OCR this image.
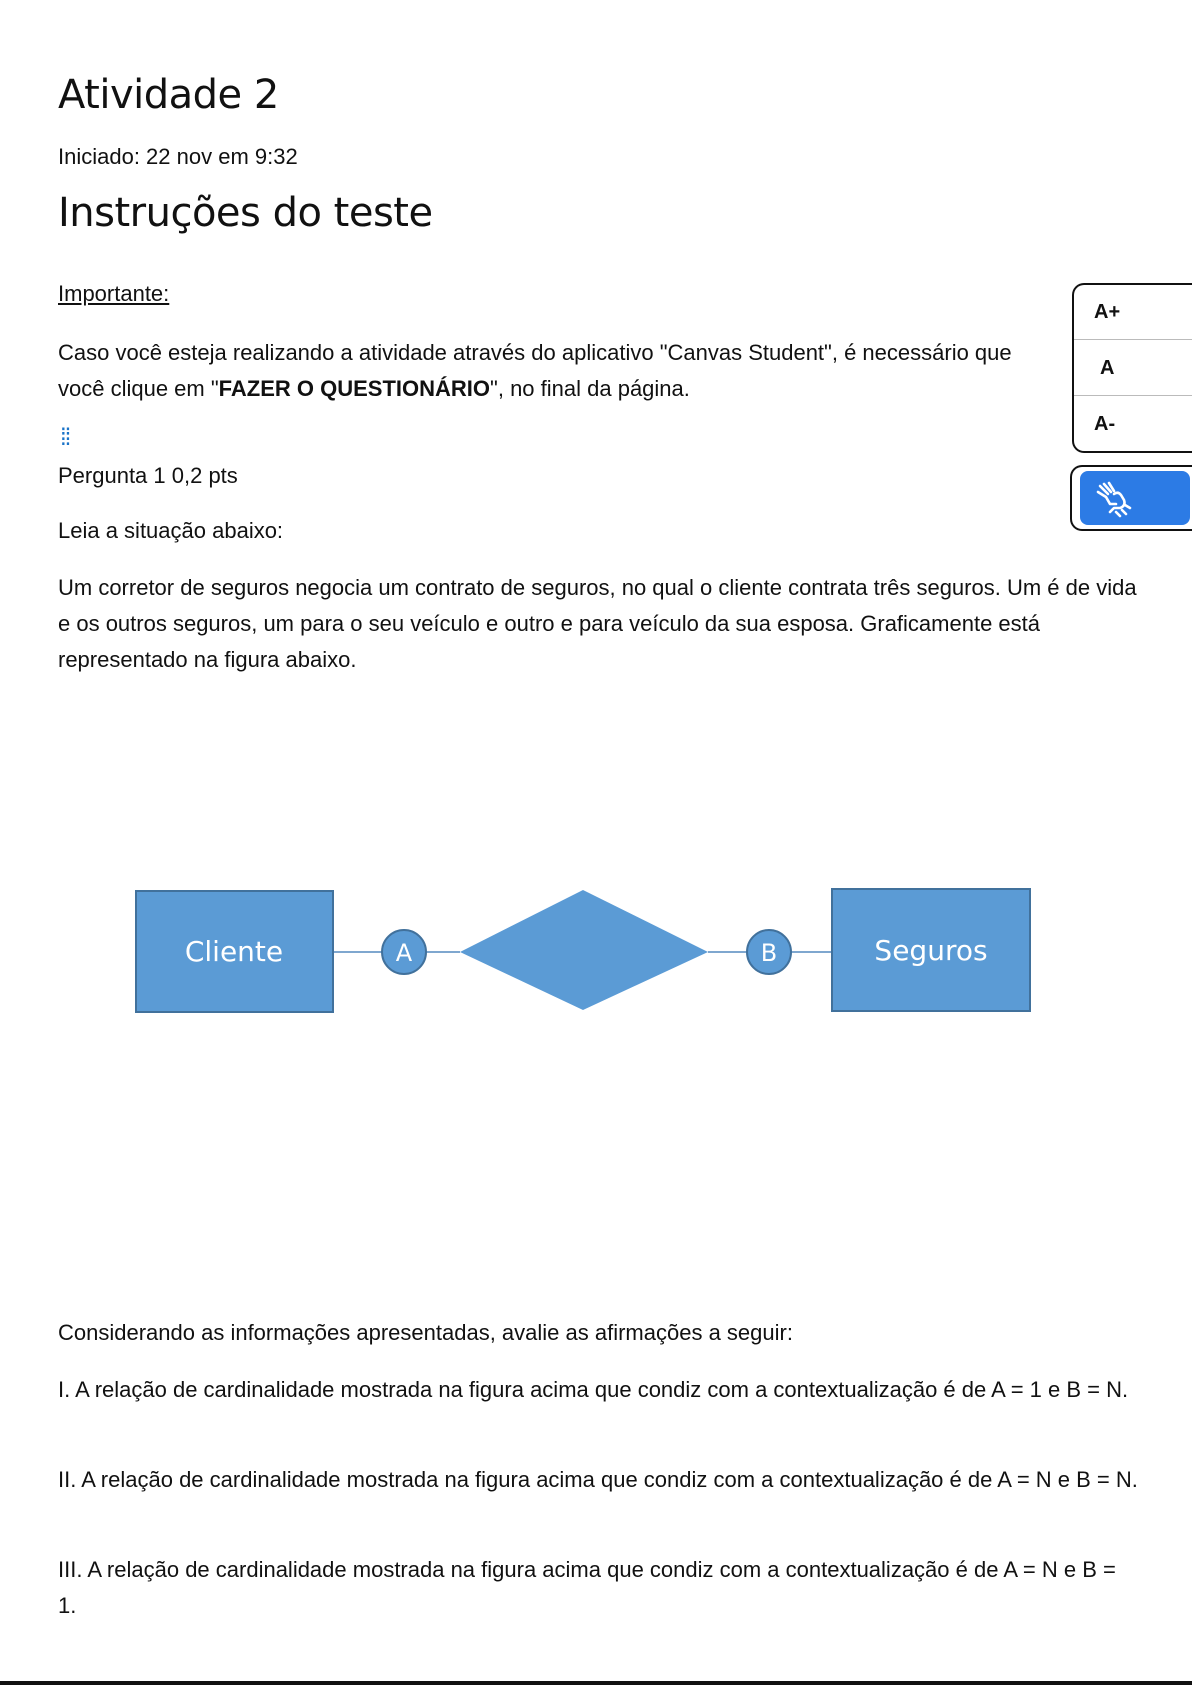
Atividade 2
Iniciado: 22 nov em 9:32
Instruções do teste
Importante:
Caso você esteja realizando a atividade através do aplicativo "Canvas Student", é necessário que
você clique em "FAZER O QUESTIONÁRIO", no final da página.
⁞⁞
Pergunta 1 0,2 pts
Leia a situação abaixo:
Um corretor de seguros negocia um contrato de seguros, no qual o cliente contrata três seguros. Um é de vida e os outros seguros, um para o seu veículo e outro e para veículo da sua esposa. Graficamente está representado na figura abaixo.
Considerando as informações apresentadas, avalie as afirmações a seguir:
I. A relação de cardinalidade mostrada na figura acima que condiz com a contextualização é de A = 1 e B = N.
II. A relação de cardinalidade mostrada na figura acima que condiz com a contextualização é de A = N e B = N.
III. A relação de cardinalidade mostrada na figura acima que condiz com a contextualização é de A = N e B = 1.
Cliente	A	B	Seguros
A+
A
A-
